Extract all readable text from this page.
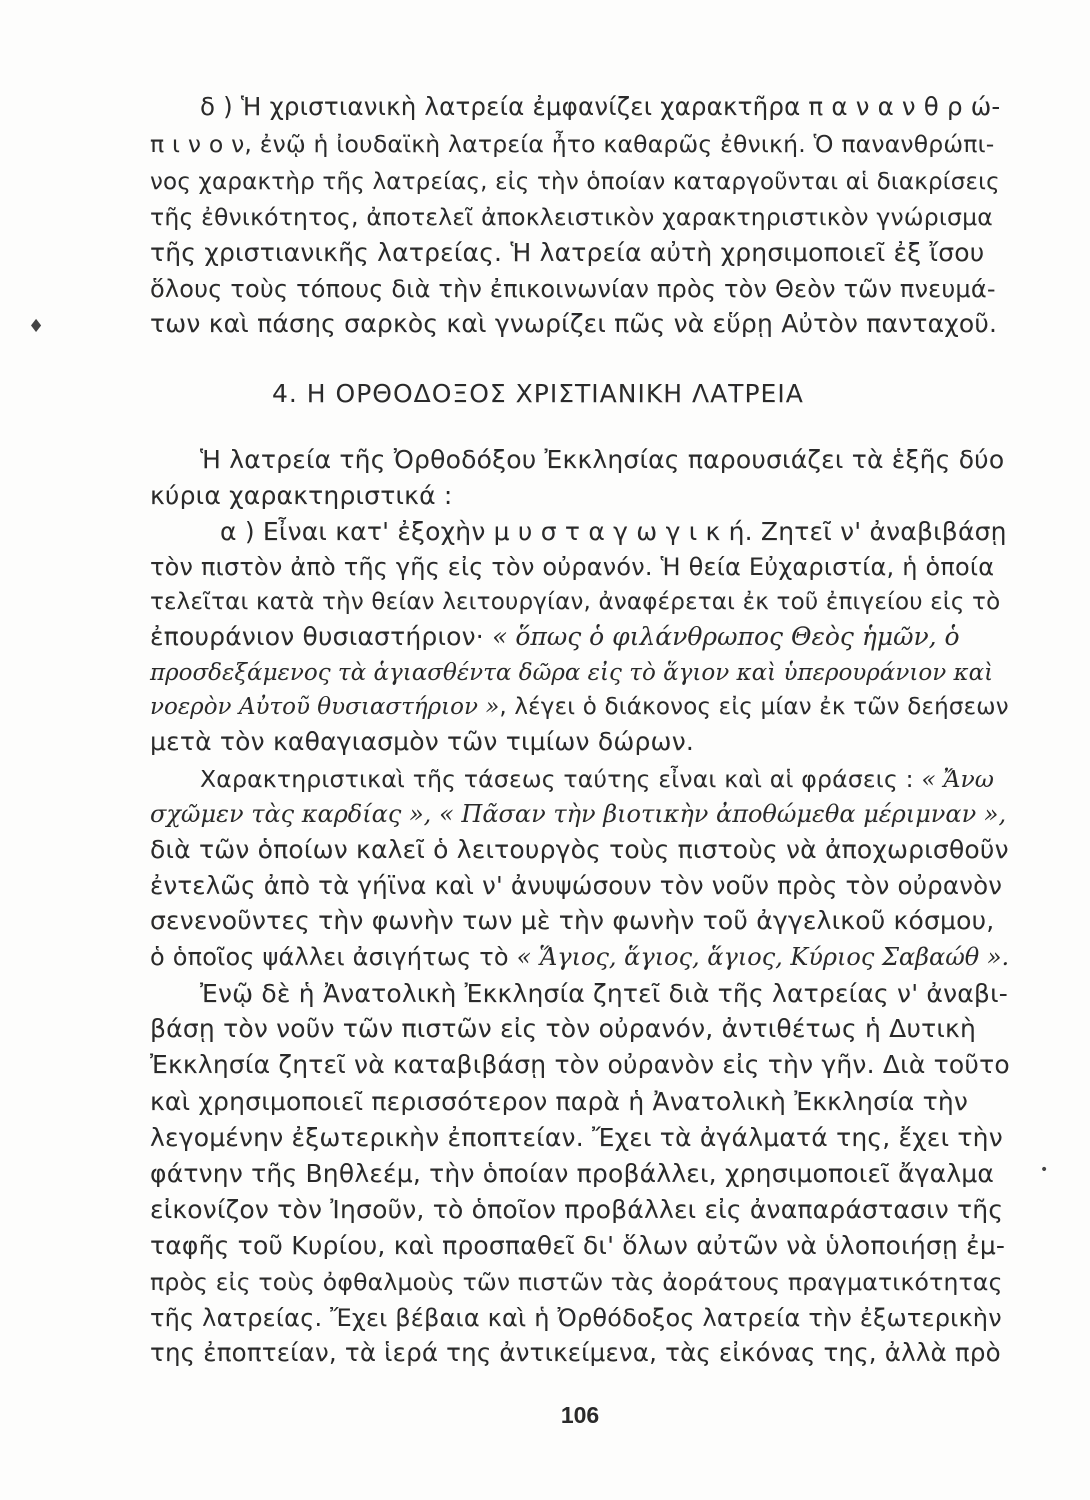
δ ) Ἡ χριστιανικὴ λατρεία ἐμφανίζει χαρακτῆρα π α ν α ν θ ρ ώ-
π ι ν ο ν, ἐνῷ ἡ ἰουδαϊκὴ λατρεία ἦτο καθαρῶς ἐθνική. Ὁ πανανθρώπι-
νος χαρακτὴρ τῆς λατρείας, εἰς τὴν ὁποίαν καταργοῦνται αἱ διακρίσεις
τῆς ἐθνικότητος, ἀποτελεῖ ἀποκλειστικὸν χαρακτηριστικὸν γνώρισμα
τῆς χριστιανικῆς λατρείας. Ἡ λατρεία αὐτὴ χρησιμοποιεῖ ἐξ ἴσου
ὅλους τοὺς τόπους διὰ τὴν ἐπικοινωνίαν πρὸς τὸν Θεὸν τῶν πνευμά-
των καὶ πάσης σαρκὸς καὶ γνωρίζει πῶς νὰ εὕρῃ Αὐτὸν πανταχοῦ.
♦
4. Η ΟΡΘΟΔΟΞΟΣ ΧΡΙΣΤΙΑΝΙΚΗ ΛΑΤΡΕΙΑ
Ἡ λατρεία τῆς Ὀρθοδόξου Ἐκκλησίας παρουσιάζει τὰ ἑξῆς δύο
κύρια χαρακτηριστικά :
α ) Εἶναι κατ' ἐξοχὴν μ υ σ τ α γ ω γ ι κ ή. Ζητεῖ ν' ἀναβιβάσῃ
τὸν πιστὸν ἀπὸ τῆς γῆς εἰς τὸν οὐρανόν. Ἡ θεία Εὐχαριστία, ἡ ὁποία
τελεῖται κατὰ τὴν θείαν λειτουργίαν, ἀναφέρεται ἐκ τοῦ ἐπιγείου εἰς τὸ
ἐπουράνιον θυσιαστήριον· « ὅπως ὁ φιλάνθρωπος Θεὸς ἡμῶν, ὁ
προσδεξάμενος τὰ ἁγιασθέντα δῶρα εἰς τὸ ἅγιον καὶ ὑπερουράνιον καὶ
νοερὸν Αὐτοῦ θυσιαστήριον », λέγει ὁ διάκονος εἰς μίαν ἐκ τῶν δεήσεων
μετὰ τὸν καθαγιασμὸν τῶν τιμίων δώρων.
Χαρακτηριστικαὶ τῆς τάσεως ταύτης εἶναι καὶ αἱ φράσεις : « Ἄνω
σχῶμεν τὰς καρδίας », « Πᾶσαν τὴν βιοτικὴν ἀποθώμεθα μέριμναν »,
διὰ τῶν ὁποίων καλεῖ ὁ λειτουργὸς τοὺς πιστοὺς νὰ ἀποχωρισθοῦν
ἐντελῶς ἀπὸ τὰ γήϊνα καὶ ν' ἀνυψώσουν τὸν νοῦν πρὸς τὸν οὐρανὸν
σενενοῦντες τὴν φωνὴν των μὲ τὴν φωνὴν τοῦ ἀγγελικοῦ κόσμου,
ὁ ὁποῖος ψάλλει ἀσιγήτως τὸ « Ἅγιος, ἅγιος, ἅγιος, Κύριος Σαβαώθ ».
Ἐνῷ δὲ ἡ Ἀνατολικὴ Ἐκκλησία ζητεῖ διὰ τῆς λατρείας ν' ἀναβι-
βάσῃ τὸν νοῦν τῶν πιστῶν εἰς τὸν οὐρανόν, ἀντιθέτως ἡ Δυτικὴ
Ἐκκλησία ζητεῖ νὰ καταβιβάσῃ τὸν οὐρανὸν εἰς τὴν γῆν. Διὰ τοῦτο
καὶ χρησιμοποιεῖ περισσότερον παρὰ ἡ Ἀνατολικὴ Ἐκκλησία τὴν
λεγομένην ἐξωτερικὴν ἐποπτείαν. Ἔχει τὰ ἀγάλματά της, ἔχει τὴν
φάτνην τῆς Βηθλεέμ, τὴν ὁποίαν προβάλλει, χρησιμοποιεῖ ἄγαλμα
εἰκονίζον τὸν Ἰησοῦν, τὸ ὁποῖον προβάλλει εἰς ἀναπαράστασιν τῆς
ταφῆς τοῦ Κυρίου, καὶ προσπαθεῖ δι' ὅλων αὐτῶν νὰ ὑλοποιήσῃ ἐμ-
πρὸς εἰς τοὺς ὀφθαλμοὺς τῶν πιστῶν τὰς ἀοράτους πραγματικότητας
τῆς λατρείας. Ἔχει βέβαια καὶ ἡ Ὀρθόδοξος λατρεία τὴν ἐξωτερικὴν
της ἐποπτείαν, τὰ ἱερά της ἀντικείμενα, τὰς εἰκόνας της, ἀλλὰ πρὸ
•
106
